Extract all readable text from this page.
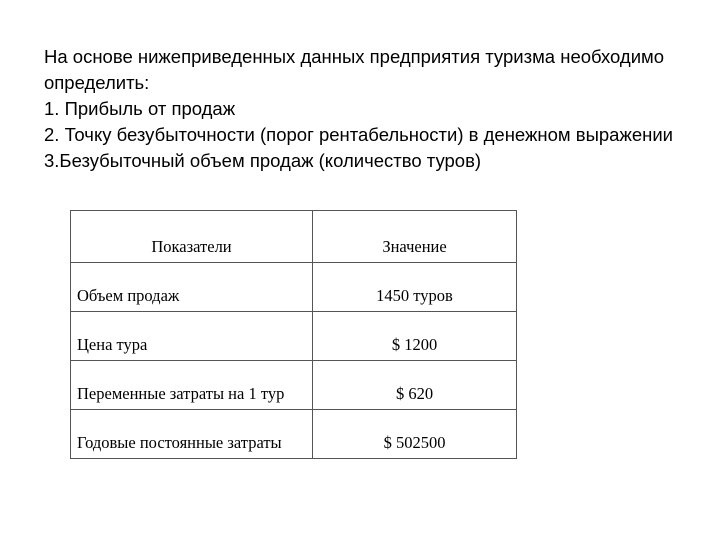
На основе нижеприведенных данных предприятия туризма необходимо
определить:
1. Прибыль от продаж
2. Точку безубыточности (порог рентабельности) в денежном выражении
3.Безубыточный объем продаж (количество туров)
Показатели	Значение
Объем продаж	1450 туров
Цена тура	$ 1200
Переменные затраты на 1 тур	$ 620
Годовые постоянные затраты	$ 502500
